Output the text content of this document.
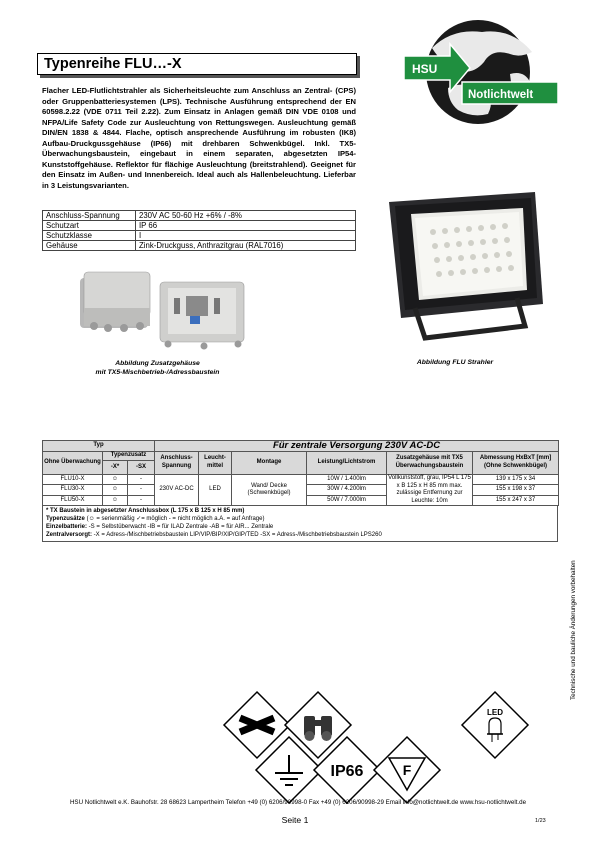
Typenreihe FLU…-X	HSU
Notlichtwelt
Flacher LED-Flutlichtstrahler als Sicherheitsleuchte zum Anschluss an Zentral- (CPS) oder Gruppenbatteriesystemen (LPS). Technische Ausführung entsprechend der EN 60598.2.22 (VDE 0711 Teil 2.22). Zum Einsatz in Anlagen gemäß DIN VDE 0108 und NFPA/Life Safety Code zur Ausleuchtung von Rettungswegen. Ausleuchtung gemäß DIN/EN 1838 & 4844. Flache, optisch ansprechende Ausführung im robusten (IK8) Aufbau-Druckgussgehäuse (IP66) mit drehbaren Schwenkbügel. Inkl. TX5-Überwachungsbaustein, eingebaut in einem separaten, abgesetzten IP54-Kunststoffgehäuse. Reflektor für flächige Ausleuchtung (breitstrahlend). Geeignet für den Einsatz im Außen- und Innenbereich. Ideal auch als Hallenbeleuchtung. Lieferbar in 3 Leistungsvarianten.
Anschluss-Spannung	230V AC 50-60 Hz +6% / -8%
Schutzart	IP 66
Schutzklasse	I
Gehäuse	Zink-Druckguss, Anthrazitgrau (RAL7016)
Abbildung Zusatzgehäuse
mit TX5-Mischbetrieb-/Adressbaustein
Abbildung FLU Strahler
Typ			Für zentrale Versorgung 230V AC-DC					
Ohne Überwachung	Typenzusatz		Anschluss-Spannung	Leucht-mittel	Montage	Leistung/Lichtstrom	Zusatzgehäuse mit TX5 Überwachungsbaustein	Abmessung HxBxT [mm] (Ohne Schwenkbügel)
	-X*	-SX						
FLU10-X	☺	-	230V AC-DC	LED	Wand/ Decke (Schwenkbügel)	10W / 1.400lm	Vollkunststoff, grau, IP54 L 175 x B 125 x H 85 mm max. zulässige Entfernung zur Leuchte: 10m	139 x 175 x 34
FLU30-X	☺	-				30W / 4.200lm		155 x 198 x 37
FLU50-X	☺	-				50W / 7.000lm		155 x 247 x 37
* TX Baustein in abgesetzter Anschlussbox (L 175 x B 125 x H 85 mm)
Typenzusätze (☺ = serienmäßig ✓= möglich - = nicht möglich a.A. = auf Anfrage)
Einzelbatterie: -S = Selbstüberwacht -IB = für ILAD Zentrale -AB = für AIR... Zentrale
Zentralversorgt: -X = Adress-/Mischbetriebsbaustein LIP/VIP/BIP/XIP/GIP/TED -SX = Adress-/Mischbetriebsbaustein LPS260
Technische und bauliche Änderungen vorbehalten
IP66	F
LED
HSU Notlichtwelt e.K. Bauhofstr. 28 68623 Lampertheim Telefon +49 (0) 6206/90998-0 Fax +49 (0) 6206/90998-29 Email info@notlichtwelt.de www.hsu-notlichtwelt.de
Seite 1	1/23
